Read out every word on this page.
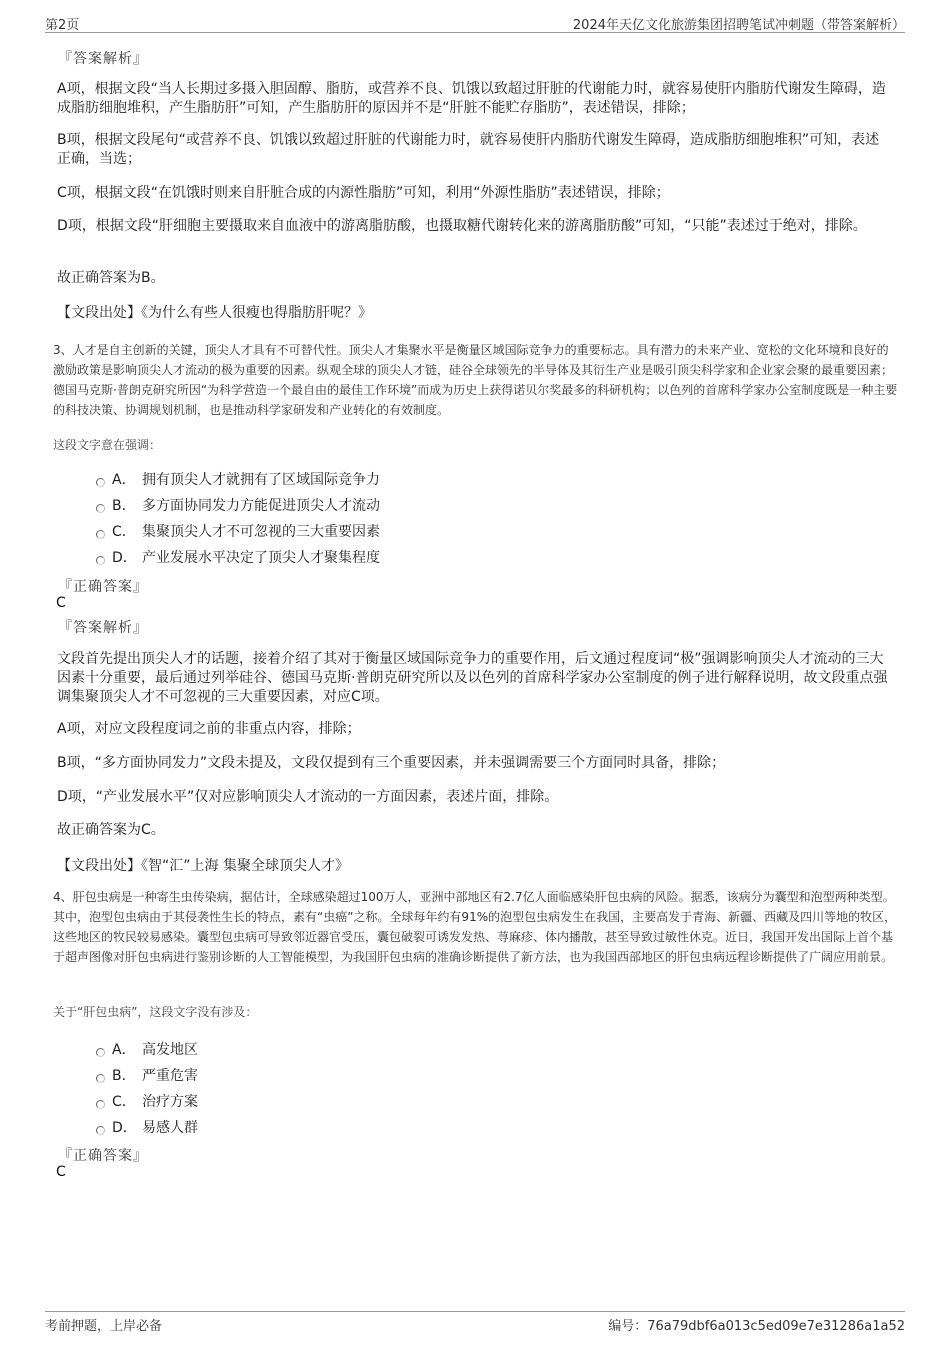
第2页	2024年天亿文化旅游集团招聘笔试冲刺题（带答案解析）
『答案解析』
A项，根据文段“当人长期过多摄入胆固醇、脂肪，或营养不良、饥饿以致超过肝脏的代谢能力时，就容易使肝内脂肪代谢发生障碍，造成脂肪细胞堆积，产生脂肪肝”可知，产生脂肪肝的原因并不是“肝脏不能贮存脂肪”，表述错误，排除；
B项，根据文段尾句“或营养不良、饥饿以致超过肝脏的代谢能力时，就容易使肝内脂肪代谢发生障碍，造成脂肪细胞堆积”可知，表述正确，当选；
C项，根据文段“在饥饿时则来自肝脏合成的内源性脂肪”可知，利用“外源性脂肪”表述错误，排除；
D项，根据文段“肝细胞主要摄取来自血液中的游离脂肪酸，也摄取糖代谢转化来的游离脂肪酸”可知，“只能”表述过于绝对，排除。
故正确答案为B。
【文段出处】《为什么有些人很瘦也得脂肪肝呢？》
3、人才是自主创新的关键，顶尖人才具有不可替代性。顶尖人才集聚水平是衡量区域国际竞争力的重要标志。具有潜力的未来产业、宽松的文化环境和良好的激励政策是影响顶尖人才流动的极为重要的因素。纵观全球的顶尖人才链，硅谷全球领先的半导体及其衍生产业是吸引顶尖科学家和企业家会聚的最重要因素；德国马克斯·普朗克研究所因“为科学营造一个最自由的最佳工作环境”而成为历史上获得诺贝尔奖最多的科研机构；以色列的首席科学家办公室制度既是一种主要的科技决策、协调规划机制，也是推动科学家研发和产业转化的有效制度。
这段文字意在强调：
A． 拥有顶尖人才就拥有了区域国际竞争力
B． 多方面协同发力方能促进顶尖人才流动
C． 集聚顶尖人才不可忽视的三大重要因素
D． 产业发展水平决定了顶尖人才聚集程度
『正确答案』
C
『答案解析』
文段首先提出顶尖人才的话题，接着介绍了其对于衡量区域国际竞争力的重要作用，后文通过程度词“极”强调影响顶尖人才流动的三大因素十分重要，最后通过列举硅谷、德国马克斯·普朗克研究所以及以色列的首席科学家办公室制度的例子进行解释说明，故文段重点强调集聚顶尖人才不可忽视的三大重要因素，对应C项。
A项，对应文段程度词之前的非重点内容，排除；
B项，“多方面协同发力”文段未提及，文段仅提到有三个重要因素，并未强调需要三个方面同时具备，排除；
D项，“产业发展水平”仅对应影响顶尖人才流动的一方面因素，表述片面，排除。
故正确答案为C。
【文段出处】《智“汇”上海 集聚全球顶尖人才》
4、肝包虫病是一种寄生虫传染病，据估计，全球感染超过100万人，亚洲中部地区有2.7亿人面临感染肝包虫病的风险。据悉，该病分为囊型和泡型两种类型。其中，泡型包虫病由于其侵袭性生长的特点，素有“虫癌”之称。全球每年约有91%的泡型包虫病发生在我国，主要高发于青海、新疆、西藏及四川等地的牧区，这些地区的牧民较易感染。囊型包虫病可导致邻近器官受压，囊包破裂可诱发发热、荨麻疹、体内播散，甚至导致过敏性休克。近日，我国开发出国际上首个基于超声图像对肝包虫病进行鉴别诊断的人工智能模型，为我国肝包虫病的准确诊断提供了新方法，也为我国西部地区的肝包虫病远程诊断提供了广阔应用前景。
关于“肝包虫病”，这段文字没有涉及：
A． 高发地区
B． 严重危害
C． 治疗方案
D． 易感人群
『正确答案』
C
考前押题，上岸必备	编号：76a79dbf6a013c5ed09e7e31286a1a52
